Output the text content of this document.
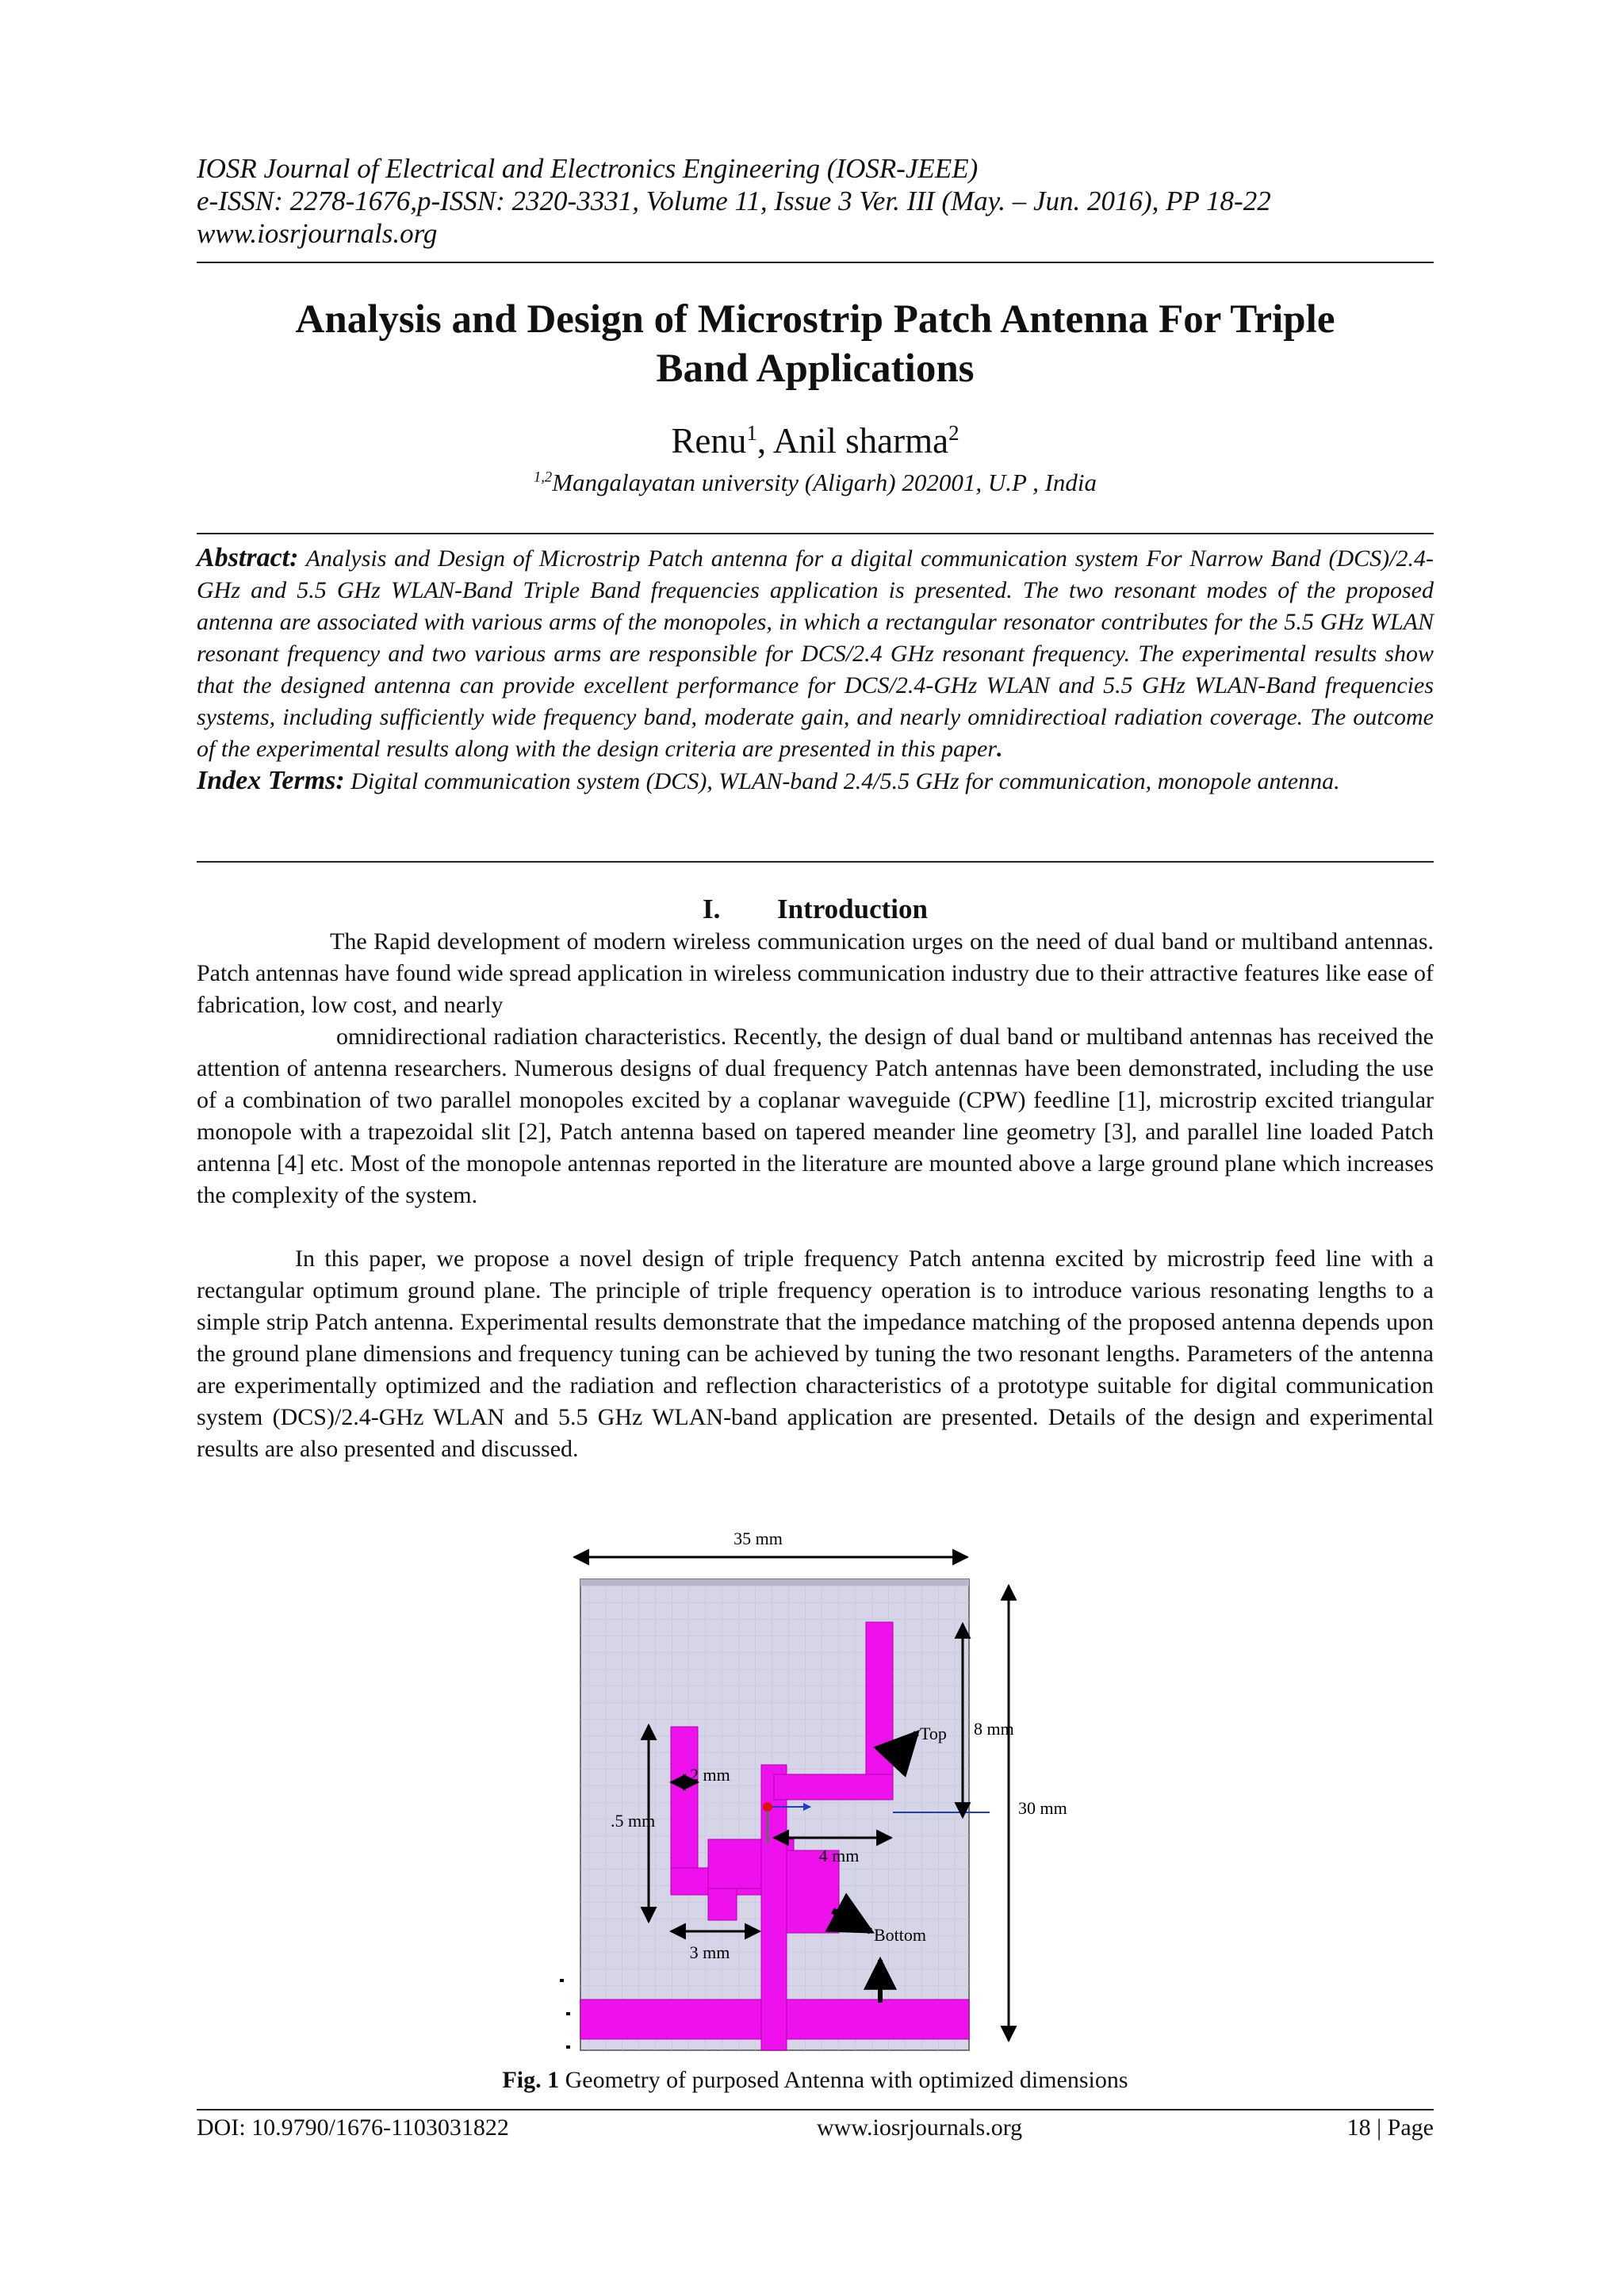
IOSR Journal of Electrical and Electronics Engineering (IOSR-JEEE)
e-ISSN: 2278-1676,p-ISSN: 2320-3331, Volume 11, Issue 3 Ver. III (May. – Jun. 2016), PP 18-22
www.iosrjournals.org
Analysis and Design of Microstrip Patch Antenna For Triple
Band Applications
Renu$^1$, Anil sharma$^2$
$^{1,2}$Mangalayatan university (Aligarh) 202001, U.P , India
Abstract: Analysis and Design of Microstrip Patch antenna for a digital communication system For Narrow Band (DCS)/2.4-GHz and 5.5 GHz WLAN-Band Triple Band frequencies application is presented. The two resonant modes of the proposed antenna are associated with various arms of the monopoles, in which a rectangular resonator contributes for the 5.5 GHz WLAN resonant frequency and two various arms are responsible for DCS/2.4 GHz resonant frequency. The experimental results show that the designed antenna can provide excellent performance for DCS/2.4-GHz WLAN and 5.5 GHz WLAN-Band frequencies systems, including sufficiently wide frequency band, moderate gain, and nearly omnidirectioal radiation coverage. The outcome of the experimental results along with the design criteria are presented in this paper.
Index Terms: Digital communication system (DCS), WLAN-band 2.4/5.5 GHz for communication, monopole antenna.
I. Introduction
The Rapid development of modern wireless communication urges on the need of dual band or multiband antennas. Patch antennas have found wide spread application in wireless communication industry due to their attractive features like ease of fabrication, low cost, and nearly
omnidirectional radiation characteristics. Recently, the design of dual band or multiband antennas has received the attention of antenna researchers. Numerous designs of dual frequency Patch antennas have been demonstrated, including the use of a combination of two parallel monopoles excited by a coplanar waveguide (CPW) feedline [1], microstrip excited triangular monopole with a trapezoidal slit [2], Patch antenna based on tapered meander line geometry [3], and parallel line loaded Patch antenna [4] etc. Most of the monopole antennas reported in the literature are mounted above a large ground plane which increases the complexity of the system.
In this paper, we propose a novel design of triple frequency Patch antenna excited by microstrip feed line with a rectangular optimum ground plane. The principle of triple frequency operation is to introduce various resonating lengths to a simple strip Patch antenna. Experimental results demonstrate that the impedance matching of the proposed antenna depends upon the ground plane dimensions and frequency tuning can be achieved by tuning the two resonant lengths. Parameters of the antenna are experimentally optimized and the radiation and reflection characteristics of a prototype suitable for digital communication system (DCS)/2.4-GHz WLAN and 5.5 GHz WLAN-band application are presented. Details of the design and experimental results are also presented and discussed.
35 mm
30 mm
8 mm
.5 mm
2 mm
4 mm
3 mm
Top
Bottom
Fig. 1 Geometry of purposed Antenna with optimized dimensions
DOI: 10.9790/1676-1103031822	www.iosrjournals.org	18 | Page
